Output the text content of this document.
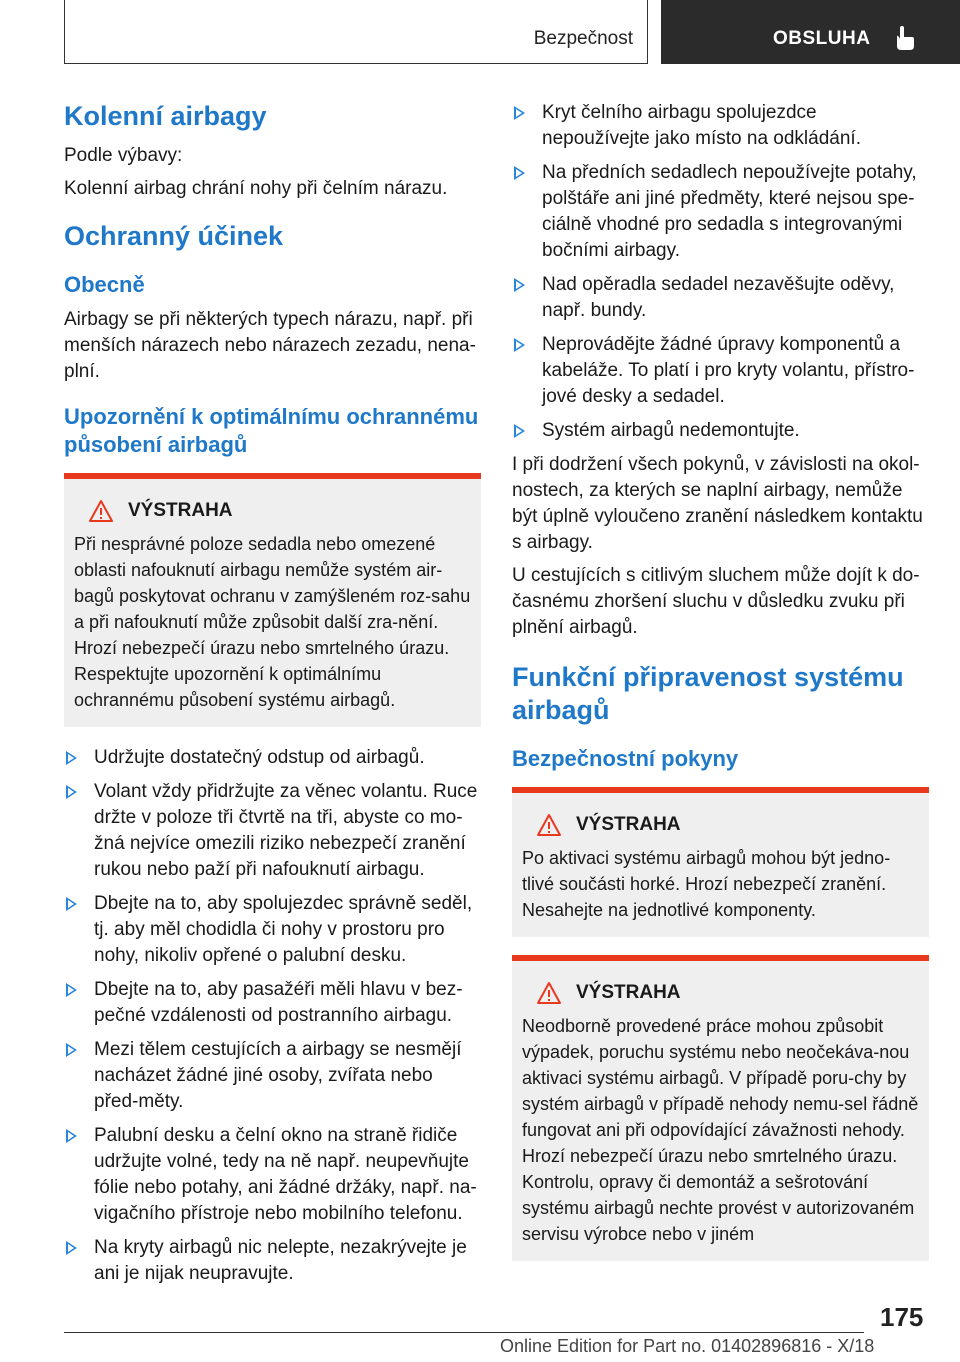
Bezpečnost	OBSLUHA
Kolenní airbagy

Podle výbavy:

Kolenní airbag chrání nohy při čelním nárazu.

Ochranný účinek
Obecně

Airbagy se při některých typech nárazu, např. při menších nárazech nebo nárazech zezadu, nena-plní.

Upozornění k optimálnímu ochrannému působení airbagů
VÝSTRAHA

Při nesprávné poloze sedadla nebo omezené oblasti nafouknutí airbagu nemůže systém air-bagů poskytovat ochranu v zamýšleném roz-sahu a při nafouknutí může způsobit další zra-nění. Hrozí nebezpečí úrazu nebo smrtelného úrazu. Respektujte upozornění k optimálnímu ochrannému působení systému airbagů.

Udržujte dostatečný odstup od airbagů.
Volant vždy přidržujte za věnec volantu. Ruce držte v poloze tři čtvrtě na tři, abyste co mo-žná nejvíce omezili riziko nebezpečí zranění rukou nebo paží při nafouknutí airbagu.
Dbejte na to, aby spolujezdec správně seděl, tj. aby měl chodidla či nohy v prostoru pro nohy, nikoliv opřené o palubní desku.
Dbejte na to, aby pasažéři měli hlavu v bez-pečné vzdálenosti od postranního airbagu.
Mezi tělem cestujících a airbagy se nesmějí nacházet žádné jiné osoby, zvířata nebo před-měty.
Palubní desku a čelní okno na straně řidiče udržujte volné, tedy na ně např. neupevňujte fólie nebo potahy, ani žádné držáky, např. na-vigačního přístroje nebo mobilního telefonu.
Na kryty airbagů nic nelepte, nezakrývejte je ani je nijak neupravujte.
Kryt čelního airbagu spolujezdce nepoužívejte jako místo na odkládání.
Na předních sedadlech nepoužívejte potahy, polštáře ani jiné předměty, které nejsou spe-ciálně vhodné pro sedadla s integrovanými bočními airbagy.
Nad opěradla sedadel nezavěšujte oděvy, např. bundy.
Neprovádějte žádné úpravy komponentů a kabeláže. To platí i pro kryty volantu, přístro-jové desky a sedadel.
Systém airbagů nedemontujte.

I při dodržení všech pokynů, v závislosti na okol-nostech, za kterých se naplní airbagy, nemůže být úplně vyloučeno zranění následkem kontaktu s airbagy.

U cestujících s citlivým sluchem může dojít k do-časnému zhoršení sluchu v důsledku zvuku při plnění airbagů.

Funkční připravenost systému airbagů
Bezpečnostní pokyny
VÝSTRAHA

Po aktivaci systému airbagů mohou být jedno-tlivé součásti horké. Hrozí nebezpečí zranění. Nesahejte na jednotlivé komponenty.

VÝSTRAHA

Neodborně provedené práce mohou způsobit výpadek, poruchu systému nebo neočekáva-nou aktivaci systému airbagů. V případě poru-chy by systém airbagů v případě nehody nemu-sel řádně fungovat ani při odpovídající závažnosti nehody. Hrozí nebezpečí úrazu nebo smrtelného úrazu. Kontrolu, opravy či demontáž a sešrotování systému airbagů nechte provést v autorizovaném servisu výrobce nebo v jiném

175
Online Edition for Part no. 01402896816 - X/18
